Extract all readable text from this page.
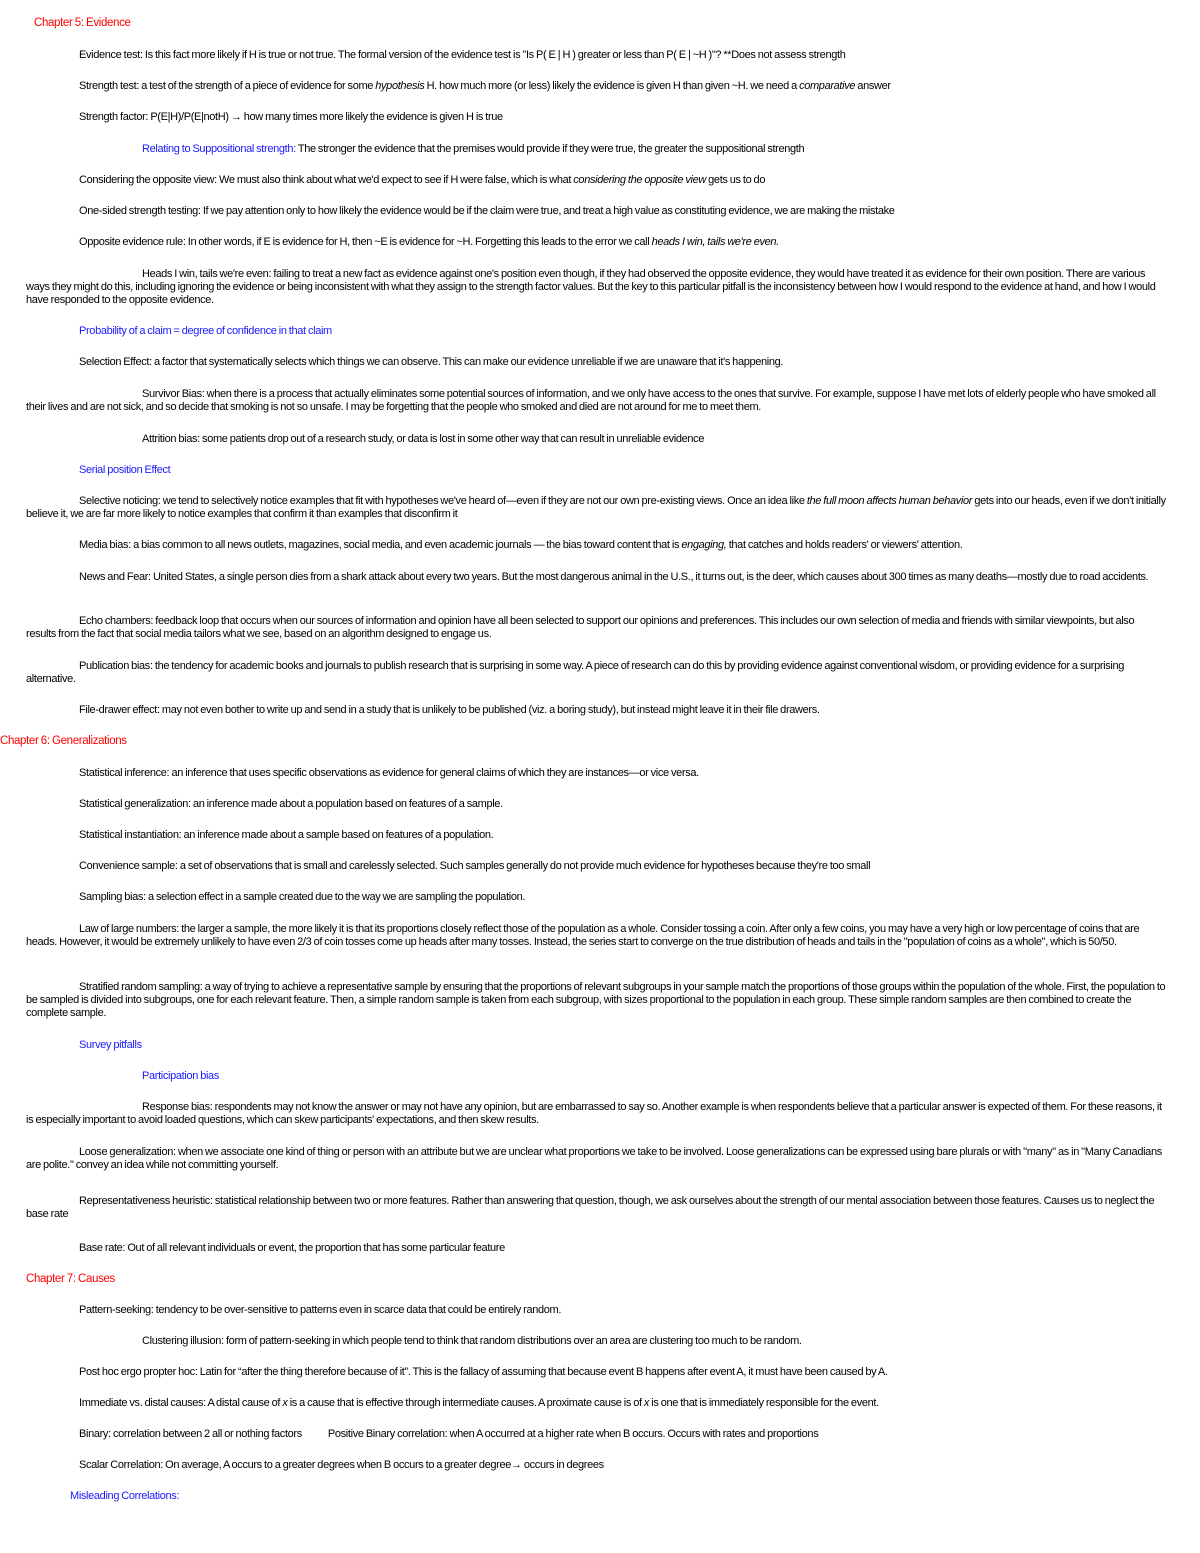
Chapter 5: Evidence

Evidence test: Is this fact more likely if H is true or not true. The formal version of the evidence test is "Is P( E | H ) greater or less than P( E | ~H )"? **Does not assess strength

Strength test: a test of the strength of a piece of evidence for some hypothesis H. how much more (or less) likely the evidence is given H than given ~H. we need a comparative answer

Strength factor: P(E|H)/P(E|notH) → how many times more likely the evidence is given H is true

Relating to Suppositional strength: The stronger the evidence that the premises would provide if they were true, the greater the suppositional strength

Considering the opposite view: We must also think about what we'd expect to see if H were false, which is what considering the opposite view gets us to do

One-sided strength testing: If we pay attention only to how likely the evidence would be if the claim were true, and treat a high value as constituting evidence, we are making the mistake

Opposite evidence rule: In other words, if E is evidence for H, then ~E is evidence for ~H. Forgetting this leads to the error we call heads I win, tails we're even.

Heads I win, tails we're even: failing to treat a new fact as evidence against one's position even though, if they had observed the opposite evidence, they would have treated it as evidence for their own position. There are various ways they might do this, including ignoring the evidence or being inconsistent with what they assign to the strength factor values. But the key to this particular pitfall is the inconsistency between how I would respond to the evidence at hand, and how I would have responded to the opposite evidence.

Probability of a claim = degree of confidence in that claim

Selection Effect: a factor that systematically selects which things we can observe. This can make our evidence unreliable if we are unaware that it's happening.

Survivor Bias: when there is a process that actually eliminates some potential sources of information, and we only have access to the ones that survive. For example, suppose I have met lots of elderly people who have smoked all their lives and are not sick, and so decide that smoking is not so unsafe. I may be forgetting that the people who smoked and died are not around for me to meet them.

Attrition bias: some patients drop out of a research study, or data is lost in some other way that can result in unreliable evidence

Serial position Effect

Selective noticing: we tend to selectively notice examples that fit with hypotheses we've heard of—even if they are not our own pre-existing views. Once an idea like the full moon affects human behavior gets into our heads, even if we don't initially believe it, we are far more likely to notice examples that confirm it than examples that disconfirm it

Media bias: a bias common to all news outlets, magazines, social media, and even academic journals — the bias toward content that is engaging, that catches and holds readers' or viewers' attention.

News and Fear: United States, a single person dies from a shark attack about every two years. But the most dangerous animal in the U.S., it turns out, is the deer, which causes about 300 times as many deaths—mostly due to road accidents.

Echo chambers: feedback loop that occurs when our sources of information and opinion have all been selected to support our opinions and preferences. This includes our own selection of media and friends with similar viewpoints, but also results from the fact that social media tailors what we see, based on an algorithm designed to engage us.

Publication bias: the tendency for academic books and journals to publish research that is surprising in some way. A piece of research can do this by providing evidence against conventional wisdom, or providing evidence for a surprising alternative.

File-drawer effect: may not even bother to write up and send in a study that is unlikely to be published (viz. a boring study), but instead might leave it in their file drawers.

Chapter 6: Generalizations

Statistical inference: an inference that uses specific observations as evidence for general claims of which they are instances—or vice versa.

Statistical generalization: an inference made about a population based on features of a sample.

Statistical instantiation: an inference made about a sample based on features of a population.

Convenience sample: a set of observations that is small and carelessly selected. Such samples generally do not provide much evidence for hypotheses because they're too small

Sampling bias: a selection effect in a sample created due to the way we are sampling the population.

Law of large numbers: the larger a sample, the more likely it is that its proportions closely reflect those of the population as a whole. Consider tossing a coin. After only a few coins, you may have a very high or low percentage of coins that are heads. However, it would be extremely unlikely to have even 2/3 of coin tosses come up heads after many tosses. Instead, the series start to converge on the true distribution of heads and tails in the "population of coins as a whole", which is 50/50.

Stratified random sampling: a way of trying to achieve a representative sample by ensuring that the proportions of relevant subgroups in your sample match the proportions of those groups within the population of the whole. First, the population to be sampled is divided into subgroups, one for each relevant feature. Then, a simple random sample is taken from each subgroup, with sizes proportional to the population in each group. These simple random samples are then combined to create the complete sample.

Survey pitfalls

Participation bias

Response bias: respondents may not know the answer or may not have any opinion, but are embarrassed to say so. Another example is when respondents believe that a particular answer is expected of them. For these reasons, it is especially important to avoid loaded questions, which can skew participants' expectations, and then skew results.

Loose generalization: when we associate one kind of thing or person with an attribute but we are unclear what proportions we take to be involved. Loose generalizations can be expressed using bare plurals or with "many" as in "Many Canadians are polite." convey an idea while not committing yourself.

Representativeness heuristic: statistical relationship between two or more features. Rather than answering that question, though, we ask ourselves about the strength of our mental association between those features. Causes us to neglect the base rate

Base rate: Out of all relevant individuals or event, the proportion that has some particular feature

Chapter 7: Causes

Pattern-seeking: tendency to be over-sensitive to patterns even in scarce data that could be entirely random.

Clustering illusion: form of pattern-seeking in which people tend to think that random distributions over an area are clustering too much to be random.

Post hoc ergo propter hoc: Latin for “after the thing therefore because of it”. This is the fallacy of assuming that because event B happens after event A, it must have been caused by A.

Immediate vs. distal causes: A distal cause of x is a cause that is effective through intermediate causes. A proximate cause is of x is one that is immediately responsible for the event.

Binary: correlation between 2 all or nothing factors Positive Binary correlation: when A occurred at a higher rate when B occurs. Occurs with rates and proportions

Scalar Correlation: On average, A occurs to a greater degrees when B occurs to a greater degree→ occurs in degrees

Misleading Correlations:
